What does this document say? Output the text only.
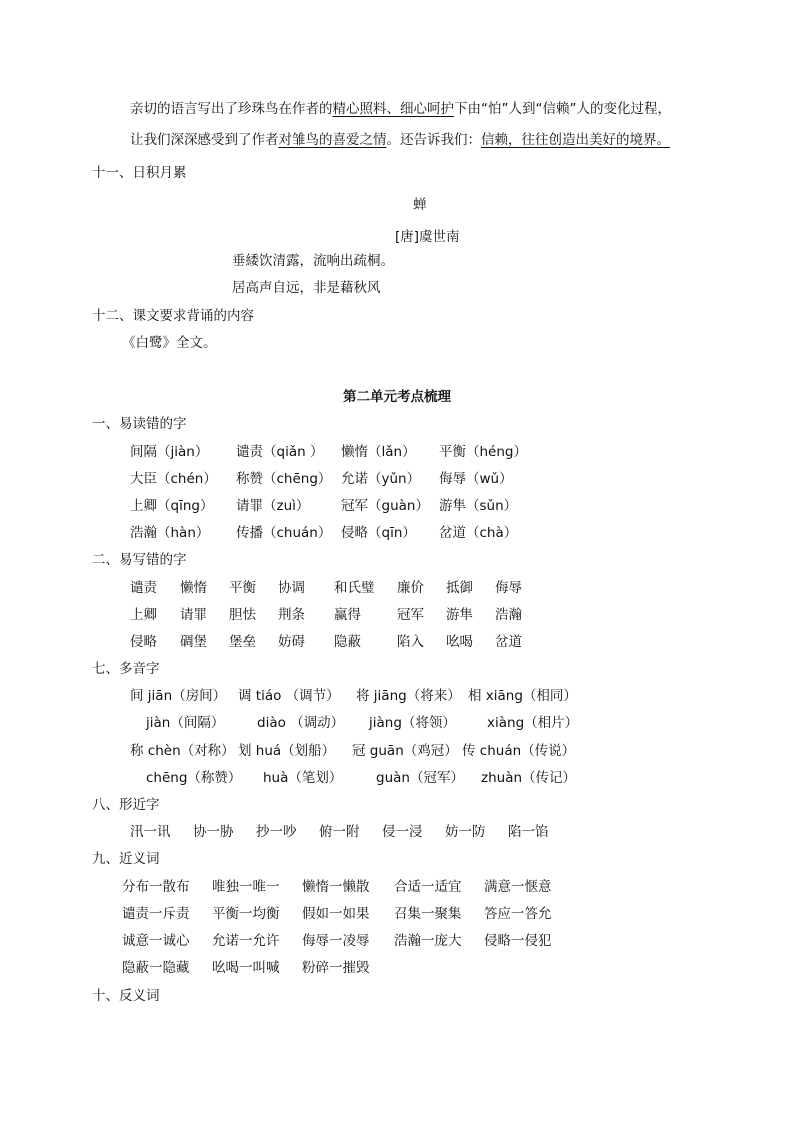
亲切的语言写出了珍珠鸟在作者的精心照料、细心呵护下由“怕”人到“信赖”人的变化过程，
让我们深深感受到了作者对雏鸟的喜爱之情。还告诉我们：信赖，往往创造出美好的境界。
十一、日积月累
蝉
[唐]虞世南
垂緌饮清露，流响出疏桐。
居高声自远，非是藉秋风
十二、课文要求背诵的内容
《白鹭》全文。
第二单元考点梳理
一、易读错的字
间隔（jiàn） 谴责（qiǎn ） 懒惰（lǎn） 平衡（héng）
大臣（chén） 称赞（chēng） 允诺（yǔn） 侮辱（wǔ）
上卿（qīng） 请罪（zuì） 冠军（guàn） 游隼（sǔn）
浩瀚（hàn） 传播（chuán） 侵略（qīn） 岔道（chà）
二、易写错的字
谴责 懒惰 平衡 协调 和氏璧 廉价 抵御 侮辱
上卿 请罪 胆怯 荆条 赢得	冠军 游隼 浩瀚
侵略 碉堡 堡垒 妨碍 隐蔽	陷入 吆喝 岔道
七、多音字
间 jiān（房间） 调 tiáo （调节） 将 jiāng（将来） 相 xiāng（相同）
jiàn（间隔） diào （调动） jiàng（将领） xiàng（相片）
称 chèn（对称） 划 huá（划船） 冠 guān（鸡冠） 传 chuán（传说）
chēng（称赞） huà（笔划） guàn（冠军） zhuàn（传记）
八、形近字
汛一讯 协一胁 抄一吵 俯一附 侵一浸 妨一防 陷一馅
九、近义词
分布一散布 唯独一唯一 懒惰一懒散 合适一适宜 满意一惬意
谴责一斥责 平衡一均衡 假如一如果 召集一聚集 答应一答允
诚意一诚心 允诺一允许 侮辱一凌辱 浩瀚一庞大 侵略一侵犯
隐蔽一隐藏 吆喝一叫喊 粉碎一摧毁
十、反义词
